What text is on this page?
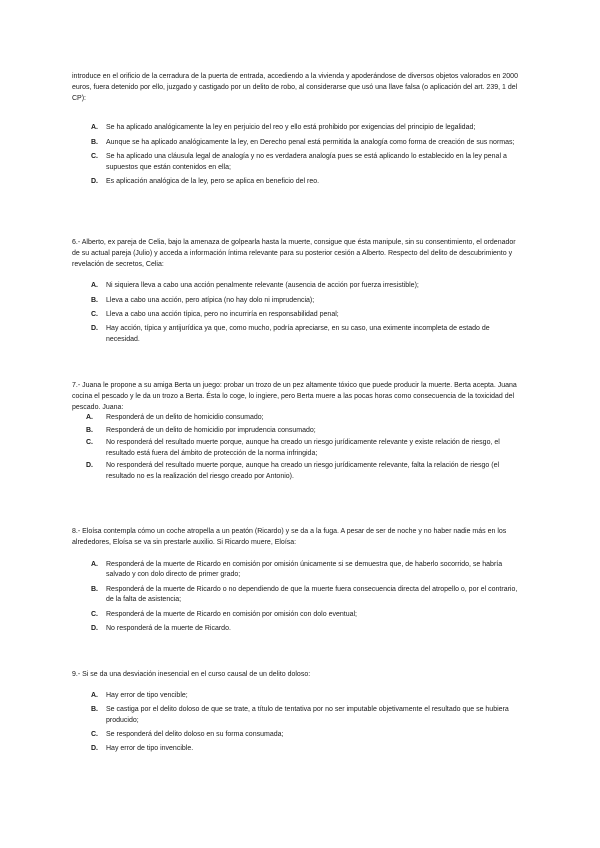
introduce en el orificio de la cerradura de la puerta de entrada, accediendo a la vivienda y apoderándose de diversos objetos valorados en 2000 euros, fuera detenido por ello, juzgado y castigado por un delito de robo, al considerarse que usó una llave falsa (o aplicación del art. 239, 1 del CP):

A. Se ha aplicado analógicamente la ley en perjuicio del reo y ello está prohibido por exigencias del principio de legalidad;
B. Aunque se ha aplicado analógicamente la ley, en Derecho penal está permitida la analogía como forma de creación de sus normas;
C. Se ha aplicado una cláusula legal de analogía y no es verdadera analogía pues se está aplicando lo establecido en la ley penal a supuestos que están contenidos en ella;
D. Es aplicación analógica de la ley, pero se aplica en beneficio del reo.

6.- Alberto, ex pareja de Celia, bajo la amenaza de golpearla hasta la muerte, consigue que ésta manipule, sin su consentimiento, el ordenador de su actual pareja (Julio) y acceda a información íntima relevante para su posterior cesión a Alberto. Respecto del delito de descubrimiento y revelación de secretos, Celia:

A. Ni siquiera lleva a cabo una acción penalmente relevante (ausencia de acción por fuerza irresistible);
B. Lleva a cabo una acción, pero atípica (no hay dolo ni imprudencia);
C. Lleva a cabo una acción típica, pero no incurriría en responsabilidad penal;
D. Hay acción, típica y antijurídica ya que, como mucho, podría apreciarse, en su caso, una eximente incompleta de estado de necesidad.

7.- Juana le propone a su amiga Berta un juego: probar un trozo de un pez altamente tóxico que puede producir la muerte. Berta acepta. Juana cocina el pescado y le da un trozo a Berta. Ésta lo coge, lo ingiere, pero Berta muere a las pocas horas como consecuencia de la toxicidad del pescado. Juana:

A. Responderá de un delito de homicidio consumado;
B. Responderá de un delito de homicidio por imprudencia consumado;
C. No responderá del resultado muerte porque, aunque ha creado un riesgo jurídicamente relevante y existe relación de riesgo, el resultado está fuera del ámbito de protección de la norma infringida;
D. No responderá del resultado muerte porque, aunque ha creado un riesgo jurídicamente relevante, falta la relación de riesgo (el resultado no es la realización del riesgo creado por Antonio).

8.- Eloísa contempla cómo un coche atropella a un peatón (Ricardo) y se da a la fuga. A pesar de ser de noche y no haber nadie más en los alrededores, Eloísa se va sin prestarle auxilio. Si Ricardo muere, Eloísa:

A. Responderá de la muerte de Ricardo en comisión por omisión únicamente si se demuestra que, de haberlo socorrido, se habría salvado y con dolo directo de primer grado;
B. Responderá de la muerte de Ricardo o no dependiendo de que la muerte fuera consecuencia directa del atropello o, por el contrario, de la falta de asistencia;
C. Responderá de la muerte de Ricardo en comisión por omisión con dolo eventual;
D. No responderá de la muerte de Ricardo.

9.- Si se da una desviación inesencial en el curso causal de un delito doloso:

A. Hay error de tipo vencible;
B. Se castiga por el delito doloso de que se trate, a título de tentativa por no ser imputable objetivamente el resultado que se hubiera producido;
C. Se responderá del delito doloso en su forma consumada;
D. Hay error de tipo invencible.
